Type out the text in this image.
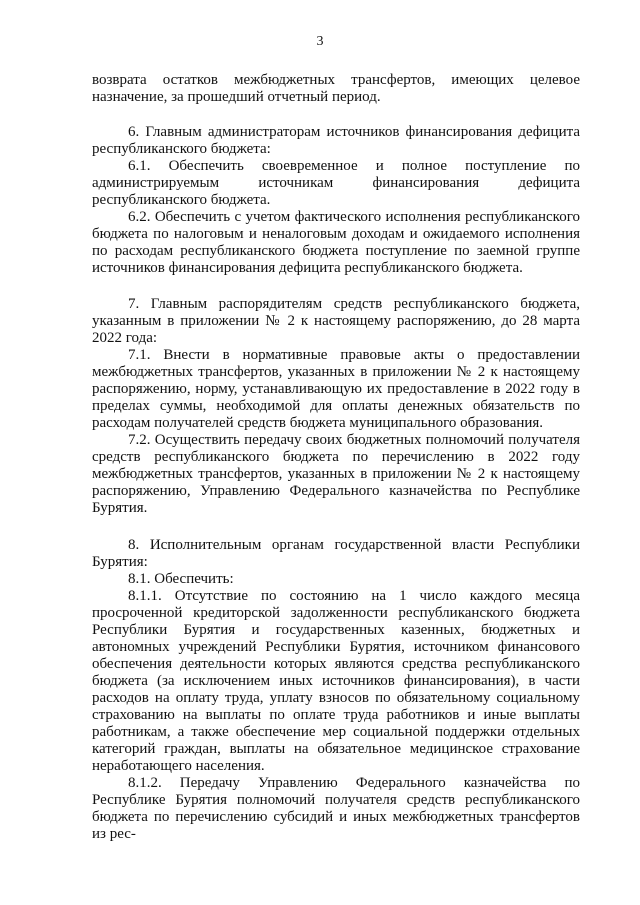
3

возврата остатков межбюджетных трансфертов, имеющих целевое назначение, за прошедший отчетный период.

6. Главным администраторам источников финансирования дефицита республиканского бюджета:

6.1. Обеспечить своевременное и полное поступление по администрируемым источникам финансирования дефицита республиканского бюджета.

6.2. Обеспечить с учетом фактического исполнения республиканского бюджета по налоговым и неналоговым доходам и ожидаемого исполнения по расходам республиканского бюджета поступление по заемной группе источников финансирования дефицита республиканского бюджета.

7. Главным распорядителям средств республиканского бюджета, указанным в приложении № 2 к настоящему распоряжению, до 28 марта 2022 года:

7.1. Внести в нормативные правовые акты о предоставлении межбюджетных трансфертов, указанных в приложении № 2 к настоящему распоряжению, норму, устанавливающую их предоставление в 2022 году в пределах суммы, необходимой для оплаты денежных обязательств по расходам получателей средств бюджета муниципального образования.

7.2. Осуществить передачу своих бюджетных полномочий получателя средств республиканского бюджета по перечислению в 2022 году межбюджетных трансфертов, указанных в приложении № 2 к настоящему распоряжению, Управлению Федерального казначейства по Республике Бурятия.

8. Исполнительным органам государственной власти Республики Бурятия:

8.1. Обеспечить:

8.1.1. Отсутствие по состоянию на 1 число каждого месяца просроченной кредиторской задолженности республиканского бюджета Республики Бурятия и государственных казенных, бюджетных и автономных учреждений Республики Бурятия, источником финансового обеспечения деятельности которых являются средства республиканского бюджета (за исключением иных источников финансирования), в части расходов на оплату труда, уплату взносов по обязательному социальному страхованию на выплаты по оплате труда работников и иные выплаты работникам, а также обеспечение мер социальной поддержки отдельных категорий граждан, выплаты на обязательное медицинское страхование неработающего населения.

8.1.2. Передачу Управлению Федерального казначейства по Республике Бурятия полномочий получателя средств республиканского бюджета по перечислению субсидий и иных межбюджетных трансфертов из рес-
